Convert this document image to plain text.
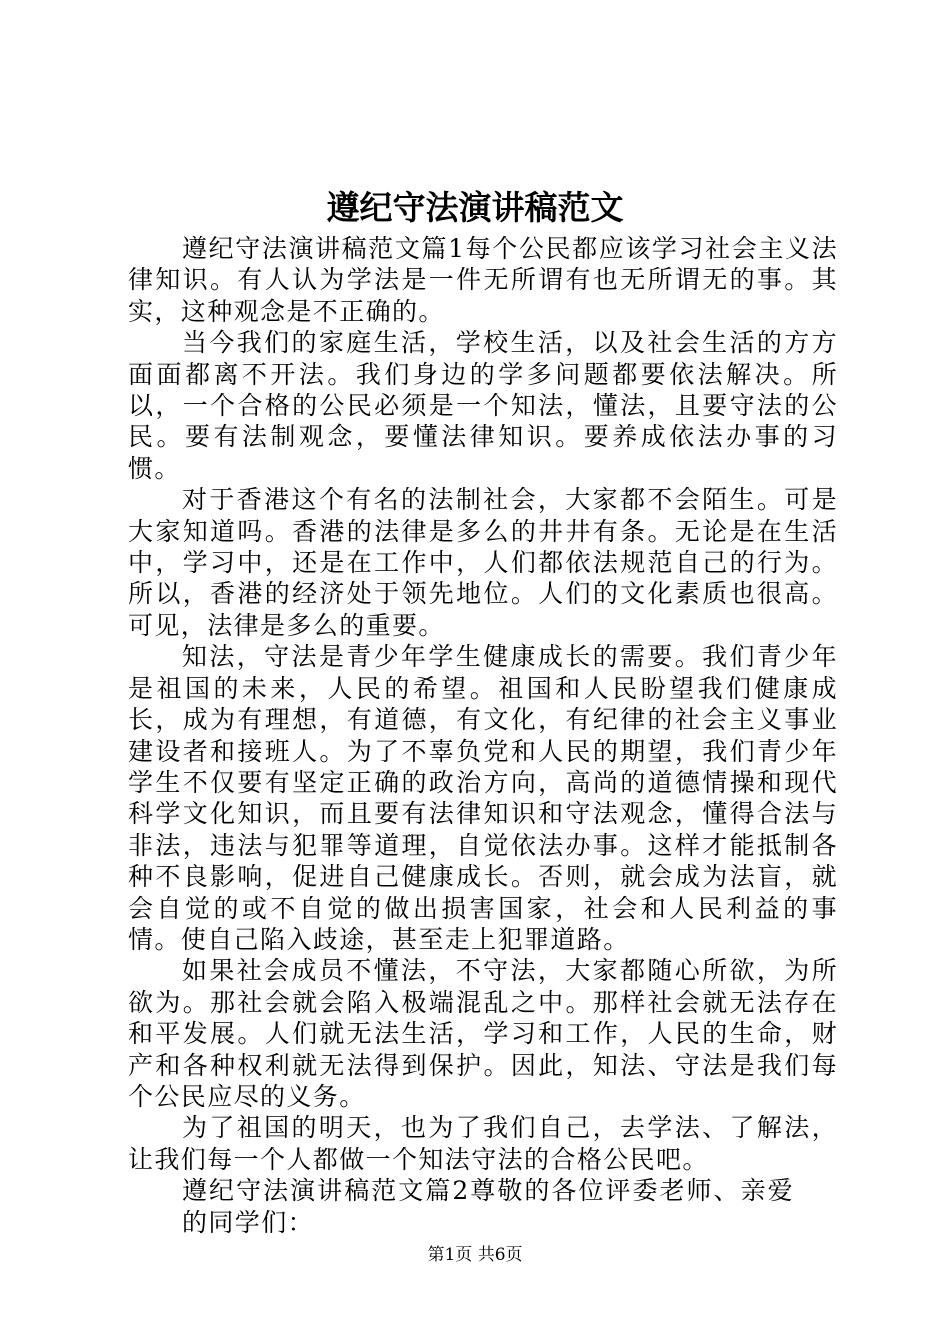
遵纪守法演讲稿范文

遵纪守法演讲稿范文篇1每个公民都应该学习社会主义法律知识。有人认为学法是一件无所谓有也无所谓无的事。其实，这种观念是不正确的。

当今我们的家庭生活，学校生活，以及社会生活的方方面面都离不开法。我们身边的学多问题都要依法解决。所以，一个合格的公民必须是一个知法，懂法，且要守法的公民。要有法制观念，要懂法律知识。要养成依法办事的习惯。

对于香港这个有名的法制社会，大家都不会陌生。可是大家知道吗。香港的法律是多么的井井有条。无论是在生活中，学习中，还是在工作中，人们都依法规范自己的行为。所以，香港的经济处于领先地位。人们的文化素质也很高。可见，法律是多么的重要。

知法，守法是青少年学生健康成长的需要。我们青少年是祖国的未来，人民的希望。祖国和人民盼望我们健康成长，成为有理想，有道德，有文化，有纪律的社会主义事业建设者和接班人。为了不辜负党和人民的期望，我们青少年学生不仅要有坚定正确的政治方向，高尚的道德情操和现代科学文化知识，而且要有法律知识和守法观念，懂得合法与非法，违法与犯罪等道理，自觉依法办事。这样才能抵制各种不良影响，促进自己健康成长。否则，就会成为法盲，就会自觉的或不自觉的做出损害国家，社会和人民利益的事情。使自己陷入歧途，甚至走上犯罪道路。

如果社会成员不懂法，不守法，大家都随心所欲，为所欲为。那社会就会陷入极端混乱之中。那样社会就无法存在和平发展。人们就无法生活，学习和工作，人民的生命，财产和各种权利就无法得到保护。因此，知法、守法是我们每个公民应尽的义务。

为了祖国的明天，也为了我们自己，去学法、了解法，让我们每一个人都做一个知法守法的合格公民吧。

遵纪守法演讲稿范文篇2尊敬的各位评委老师、亲爱的同学们：

第1页 共6页
